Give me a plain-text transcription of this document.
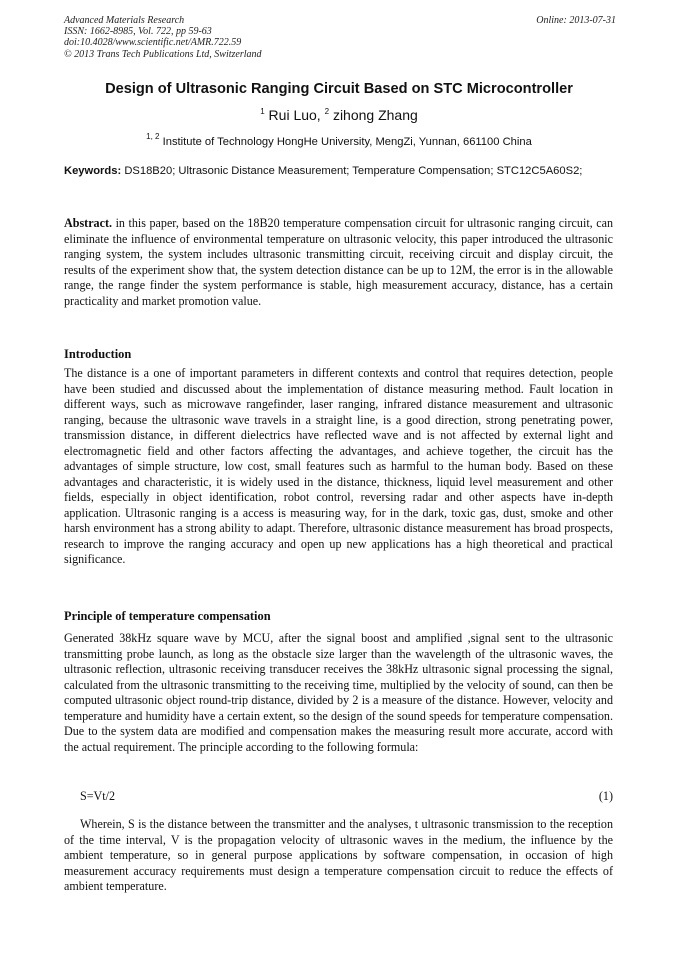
Advanced Materials Research
ISSN: 1662-8985, Vol. 722, pp 59-63
doi:10.4028/www.scientific.net/AMR.722.59
© 2013 Trans Tech Publications Ltd, Switzerland
Online: 2013-07-31
Design of Ultrasonic Ranging Circuit Based on STC Microcontroller
$^1$ Rui Luo, $^2$ zihong Zhang
$^{1, 2}$ Institute of Technology HongHe University, MengZi, Yunnan, 661100 China
Keywords: DS18B20; Ultrasonic Distance Measurement; Temperature Compensation; STC12C5A60S2;
Abstract. in this paper, based on the 18B20 temperature compensation circuit for ultrasonic ranging circuit, can eliminate the influence of environmental temperature on ultrasonic velocity, this paper introduced the ultrasonic ranging system, the system includes ultrasonic transmitting circuit, receiving circuit and display circuit, the results of the experiment show that, the system detection distance can be up to 12M, the error is in the allowable range, the range finder the system performance is stable, high measurement accuracy, distance, has a certain practicality and market promotion value.
Introduction
The distance is a one of important parameters in different contexts and control that requires detection, people have been studied and discussed about the implementation of distance measuring method. Fault location in different ways, such as microwave rangefinder, laser ranging, infrared distance measurement and ultrasonic ranging, because the ultrasonic wave travels in a straight line, is a good direction, strong penetrating power, transmission distance, in different dielectrics have reflected wave and is not affected by external light and electromagnetic field and other factors affecting the advantages, and achieve together, the circuit has the advantages of simple structure, low cost, small features such as harmful to the human body. Based on these advantages and characteristic, it is widely used in the distance, thickness, liquid level measurement and other fields, especially in object identification, robot control, reversing radar and other aspects have in-depth application. Ultrasonic ranging is a access is measuring way, for in the dark, toxic gas, dust, smoke and other harsh environment has a strong ability to adapt. Therefore, ultrasonic distance measurement has broad prospects, research to improve the ranging accuracy and open up new applications has a high theoretical and practical significance.
Principle of temperature compensation
Generated 38kHz square wave by MCU, after the signal boost and amplified ,signal sent to the ultrasonic transmitting probe launch, as long as the obstacle size larger than the wavelength of the ultrasonic waves, the ultrasonic reflection, ultrasonic receiving transducer receives the 38kHz ultrasonic signal processing the signal, calculated from the ultrasonic transmitting to the receiving time, multiplied by the velocity of sound, can then be computed ultrasonic object round-trip distance, divided by 2 is a measure of the distance. However, velocity and temperature and humidity have a certain extent, so the design of the sound speeds for temperature compensation. Due to the system data are modified and compensation makes the measuring result more accurate, accord with the actual requirement. The principle according to the following formula:
S=Vt/2	(1)
Wherein, S is the distance between the transmitter and the analyses, t ultrasonic transmission to the reception of the time interval, V is the propagation velocity of ultrasonic waves in the medium, the influence by the ambient temperature, so in general purpose applications by software compensation, in occasion of high measurement accuracy requirements must design a temperature compensation circuit to reduce the effects of ambient temperature.
